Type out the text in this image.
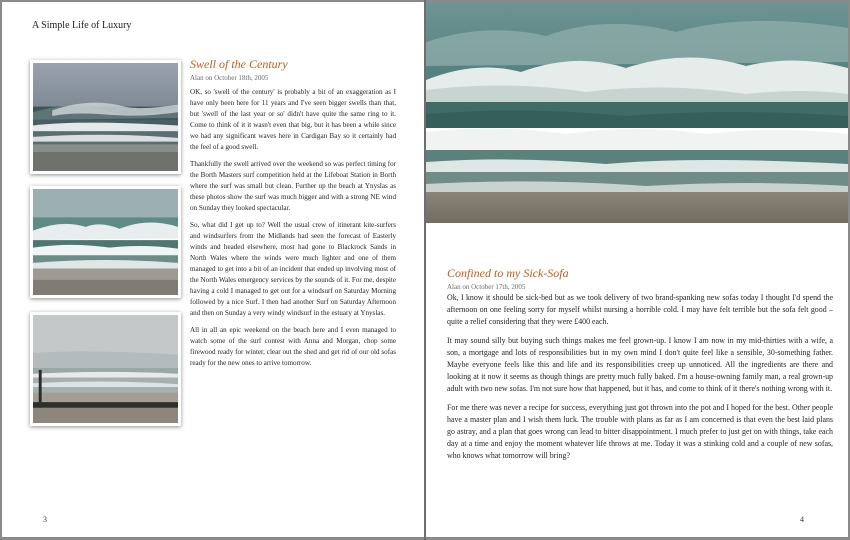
A Simple Life of Luxury
Swell of the Century
Alan on October 18th, 2005

OK, so 'swell of the century' is probably a bit of an exaggeration as I have only been here for 11 years and I've seen bigger swells than that, but 'swell of the last year or so' didn't have quite the same ring to it. Come to think of it it wasn't even that big, but it has been a while since we had any significant waves here in Cardigan Bay so it certainly had the feel of a good swell.

Thankfully the swell arrived over the weekend so was perfect timing for the Borth Masters surf competition held at the Lifeboat Station in Borth where the surf was small but clean. Further up the beach at Ynyslas as these photos show the surf was much bigger and with a strong NE wind on Sunday they looked spectacular.

So, what did I get up to? Well the usual crew of itinerant kite-surfers and windsurfers from the Midlands had seen the forecast of Easterly winds and headed elsewhere, most had gone to Blackrock Sands in North Wales where the winds were much lighter and one of them managed to get into a bit of an incident that ended up involving most of the North Wales emergency services by the sounds of it. For me, despite having a cold I managed to get out for a windsurf on Saturday Morning followed by a nice Surf. I then had another Surf on Saturday Afternoon and then on Sunday a very windy windsurf in the estuary at Ynyslas.

All in all an epic weekend on the beach here and I even managed to watch some of the surf contest with Anna and Morgan, chop some firewood ready for winter, clear out the shed and get rid of our old sofas ready for the new ones to arrive tomorrow.

3
Confined to my Sick-Sofa
Alan on October 17th, 2005

Ok, I know it should be sick-bed but as we took delivery of two brand-spanking new sofas today I thought I'd spend the afternoon on one feeling sorry for myself whilst nursing a horrible cold. I may have felt terrible but the sofa felt good – quite a relief considering that they were £400 each.

It may sound silly but buying such things makes me feel grown-up. I know I am now in my mid-thirties with a wife, a son, a mortgage and lots of responsibilities but in my own mind I don't quite feel like a sensible, 30-something father. Maybe everyone feels like this and life and its responsibilities creep up unnoticed. All the ingredients are there and looking at it now it seems as though things are pretty much fully baked. I'm a house-owning family man, a real grown-up adult with two new sofas. I'm not sure how that happened, but it has, and come to think of it there's nothing wrong with it.

For me there was never a recipe for success, everything just got thrown into the pot and I hoped for the best. Other people have a master plan and I wish them luck. The trouble with plans as far as I am concerned is that even the best laid plans go astray, and a plan that goes wrong can lead to bitter disappointment. I much prefer to just get on with things, take each day at a time and enjoy the moment whatever life throws at me. Today it was a stinking cold and a couple of new sofas, who knows what tomorrow will bring?

4
